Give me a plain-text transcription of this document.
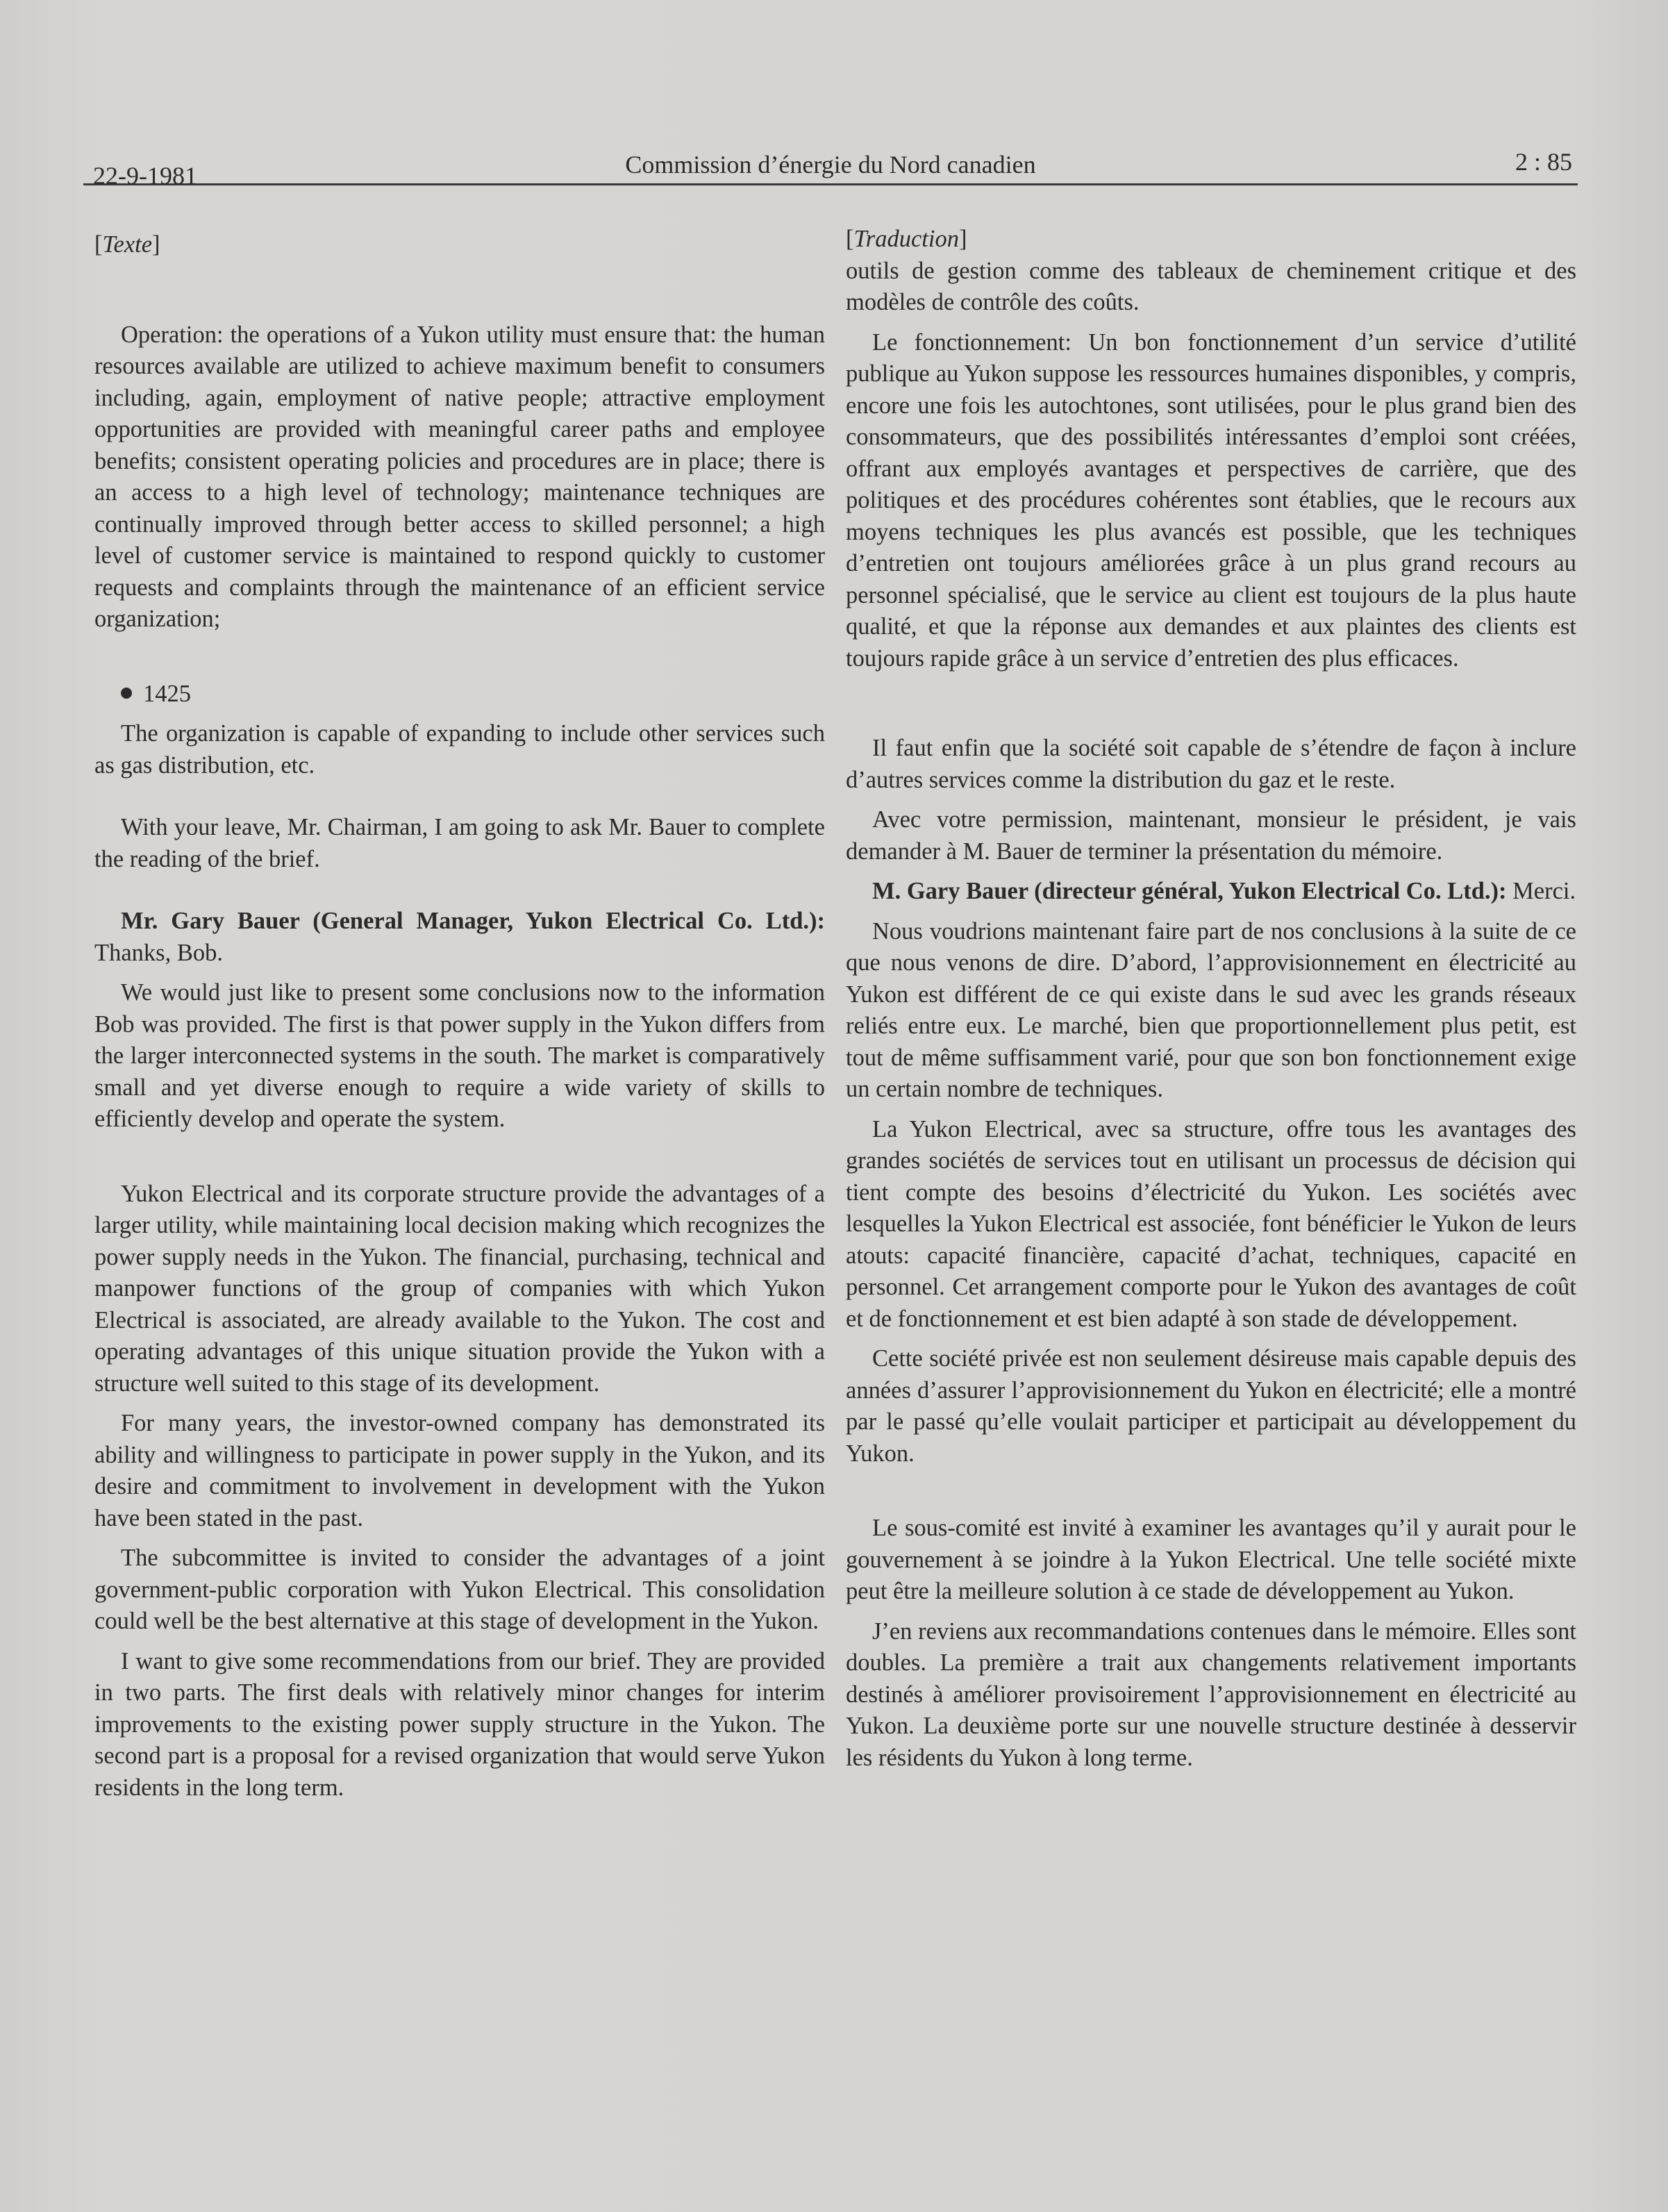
22-9-1981	Commission d’énergie du Nord canadien	2 : 85

[Texte]

Operation: the operations of a Yukon utility must ensure that: the human resources available are utilized to achieve maximum benefit to consumers including, again, employment of native people; attractive employment opportunities are provided with meaningful career paths and employee benefits; consistent operating policies and procedures are in place; there is an access to a high level of technology; maintenance techniques are continually improved through better access to skilled personnel; a high level of customer service is maintained to respond quickly to customer requests and complaints through the maintenance of an efficient service organization;

1425

The organization is capable of expanding to include other services such as gas distribution, etc.

With your leave, Mr. Chairman, I am going to ask Mr. Bauer to complete the reading of the brief.

Mr. Gary Bauer (General Manager, Yukon Electrical Co. Ltd.): Thanks, Bob.

We would just like to present some conclusions now to the information Bob was provided. The first is that power supply in the Yukon differs from the larger interconnected systems in the south. The market is comparatively small and yet diverse enough to require a wide variety of skills to efficiently develop and operate the system.

Yukon Electrical and its corporate structure provide the advantages of a larger utility, while maintaining local decision making which recognizes the power supply needs in the Yukon. The financial, purchasing, technical and manpower functions of the group of companies with which Yukon Electrical is associated, are already available to the Yukon. The cost and operating advantages of this unique situation provide the Yukon with a structure well suited to this stage of its development.

For many years, the investor-owned company has demonstrated its ability and willingness to participate in power supply in the Yukon, and its desire and commitment to involvement in development with the Yukon have been stated in the past.

The subcommittee is invited to consider the advantages of a joint government-public corporation with Yukon Electrical. This consolidation could well be the best alternative at this stage of development in the Yukon.

I want to give some recommendations from our brief. They are provided in two parts. The first deals with relatively minor changes for interim improvements to the existing power supply structure in the Yukon. The second part is a proposal for a revised organization that would serve Yukon residents in the long term.

[Traduction]

outils de gestion comme des tableaux de cheminement critique et des modèles de contrôle des coûts.

Le fonctionnement: Un bon fonctionnement d’un service d’utilité publique au Yukon suppose les ressources humaines disponibles, y compris, encore une fois les autochtones, sont utilisées, pour le plus grand bien des consommateurs, que des possibilités intéressantes d’emploi sont créées, offrant aux employés avantages et perspectives de carrière, que des politiques et des procédures cohérentes sont établies, que le recours aux moyens techniques les plus avancés est possible, que les techniques d’entretien ont toujours améliorées grâce à un plus grand recours au personnel spécialisé, que le service au client est toujours de la plus haute qualité, et que la réponse aux demandes et aux plaintes des clients est toujours rapide grâce à un service d’entretien des plus efficaces.

Il faut enfin que la société soit capable de s’étendre de façon à inclure d’autres services comme la distribution du gaz et le reste.

Avec votre permission, maintenant, monsieur le président, je vais demander à M. Bauer de terminer la présentation du mémoire.

M. Gary Bauer (directeur général, Yukon Electrical Co. Ltd.): Merci.

Nous voudrions maintenant faire part de nos conclusions à la suite de ce que nous venons de dire. D’abord, l’approvisionnement en électricité au Yukon est différent de ce qui existe dans le sud avec les grands réseaux reliés entre eux. Le marché, bien que proportionnellement plus petit, est tout de même suffisamment varié, pour que son bon fonctionnement exige un certain nombre de techniques.

La Yukon Electrical, avec sa structure, offre tous les avantages des grandes sociétés de services tout en utilisant un processus de décision qui tient compte des besoins d’électricité du Yukon. Les sociétés avec lesquelles la Yukon Electrical est associée, font bénéficier le Yukon de leurs atouts: capacité financière, capacité d’achat, techniques, capacité en personnel. Cet arrangement comporte pour le Yukon des avantages de coût et de fonctionnement et est bien adapté à son stade de développement.

Cette société privée est non seulement désireuse mais capable depuis des années d’assurer l’approvisionnement du Yukon en électricité; elle a montré par le passé qu’elle voulait participer et participait au développement du Yukon.

Le sous-comité est invité à examiner les avantages qu’il y aurait pour le gouvernement à se joindre à la Yukon Electrical. Une telle société mixte peut être la meilleure solution à ce stade de développement au Yukon.

J’en reviens aux recommandations contenues dans le mémoire. Elles sont doubles. La première a trait aux changements relativement importants destinés à améliorer provisoirement l’approvisionnement en électricité au Yukon. La deuxième porte sur une nouvelle structure destinée à desservir les résidents du Yukon à long terme.
